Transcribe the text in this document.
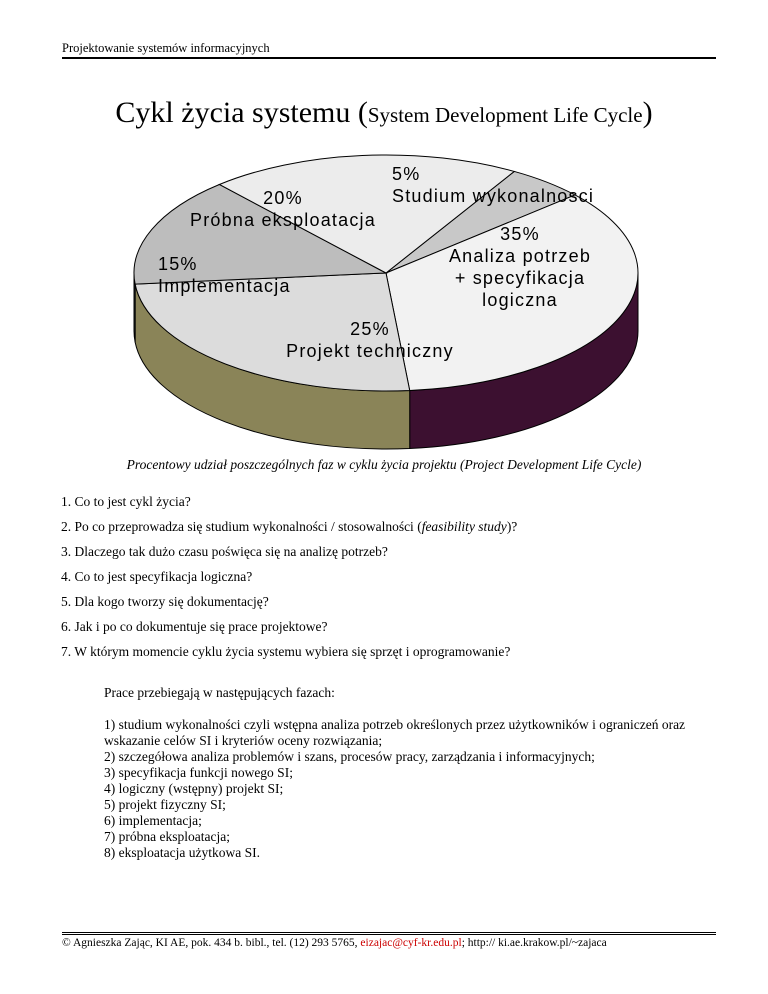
Projektowanie systemów informacyjnych
Cykl życia systemu (System Development Life Cycle)
5%
Studium wykonalnosci
35%
Analiza potrzeb
+ specyfikacja
logiczna
25%
Projekt techniczny
15%
Implementacja
20%
Próbna eksploatacja
Procentowy udział poszczególnych faz w cyklu życia projektu (Project Development Life Cycle)
1. Co to jest cykl życia?
2. Po co przeprowadza się studium wykonalności / stosowalności (feasibility study)?
3. Dlaczego tak dużo czasu poświęca się na analizę potrzeb?
4. Co to jest specyfikacja logiczna?
5. Dla kogo tworzy się dokumentację?
6. Jak i po co dokumentuje się prace projektowe?
7. W którym momencie cyklu życia systemu wybiera się sprzęt i oprogramowanie?
Prace przebiegają w następujących fazach:
1) studium wykonalności czyli wstępna analiza potrzeb określonych przez użytkowników i ograniczeń oraz wskazanie celów SI i kryteriów oceny rozwiązania;
2) szczegółowa analiza problemów i szans, procesów pracy, zarządzania i informacyjnych;
3) specyfikacja funkcji nowego SI;
4) logiczny (wstępny) projekt SI;
5) projekt fizyczny SI;
6) implementacja;
7) próbna eksploatacja;
8) eksploatacja użytkowa SI.
© Agnieszka Zając, KI AE, pok. 434 b. bibl., tel. (12) 293 5765, eizajac@cyf-kr.edu.pl; http:// ki.ae.krakow.pl/~zajaca
